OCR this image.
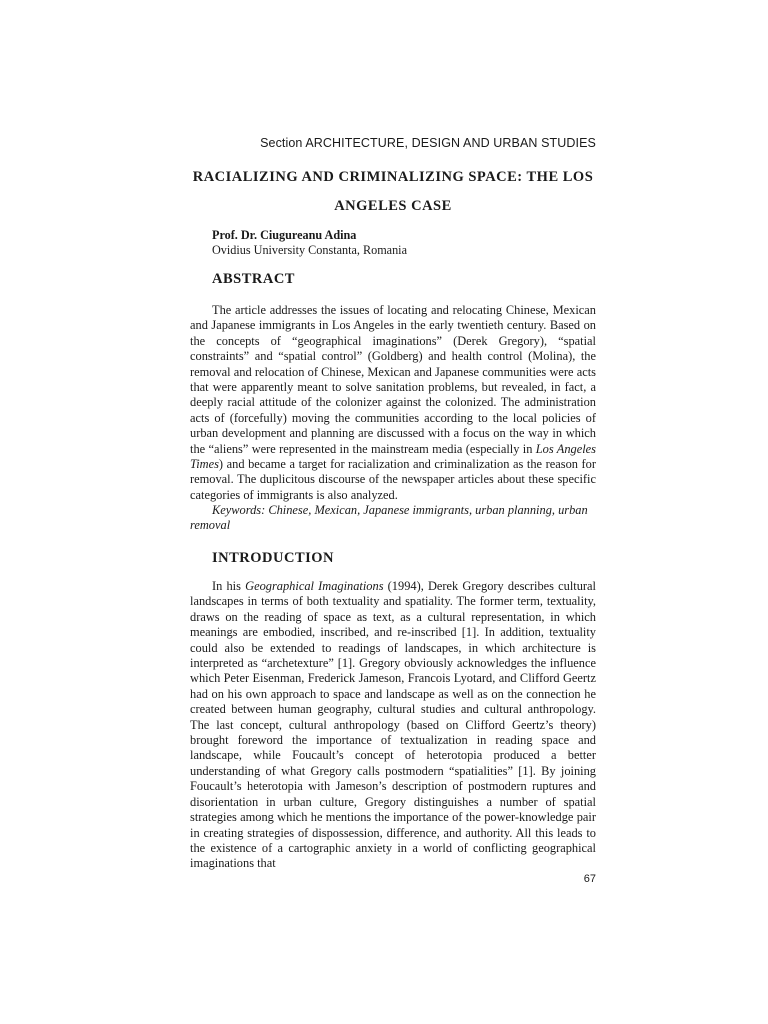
Section ARCHITECTURE, DESIGN AND URBAN STUDIES
RACIALIZING AND CRIMINALIZING SPACE: THE LOS
ANGELES CASE
Prof. Dr. Ciugureanu Adina
Ovidius University Constanta, Romania
ABSTRACT

The article addresses the issues of locating and relocating Chinese, Mexican and Japanese immigrants in Los Angeles in the early twentieth century. Based on the concepts of “geographical imaginations” (Derek Gregory), “spatial constraints” and “spatial control” (Goldberg) and health control (Molina), the removal and relocation of Chinese, Mexican and Japanese communities were acts that were apparently meant to solve sanitation problems, but revealed, in fact, a deeply racial attitude of the colonizer against the colonized. The administration acts of (forcefully) moving the communities according to the local policies of urban development and planning are discussed with a focus on the way in which the “aliens” were represented in the mainstream media (especially in Los Angeles Times) and became a target for racialization and criminalization as the reason for removal. The duplicitous discourse of the newspaper articles about these specific categories of immigrants is also analyzed.

Keywords: Chinese, Mexican, Japanese immigrants, urban planning, urban removal

INTRODUCTION

In his Geographical Imaginations (1994), Derek Gregory describes cultural landscapes in terms of both textuality and spatiality. The former term, textuality, draws on the reading of space as text, as a cultural representation, in which meanings are embodied, inscribed, and re-inscribed [1]. In addition, textuality could also be extended to readings of landscapes, in which architecture is interpreted as “archetexture” [1]. Gregory obviously acknowledges the influence which Peter Eisenman, Frederick Jameson, Francois Lyotard, and Clifford Geertz had on his own approach to space and landscape as well as on the connection he created between human geography, cultural studies and cultural anthropology. The last concept, cultural anthropology (based on Clifford Geertz’s theory) brought foreword the importance of textualization in reading space and landscape, while Foucault’s concept of heterotopia produced a better understanding of what Gregory calls postmodern “spatialities” [1]. By joining Foucault’s heterotopia with Jameson’s description of postmodern ruptures and disorientation in urban culture, Gregory distinguishes a number of spatial strategies among which he mentions the importance of the power-knowledge pair in creating strategies of dispossession, difference, and authority. All this leads to the existence of a cartographic anxiety in a world of conflicting geographical imaginations that

67
